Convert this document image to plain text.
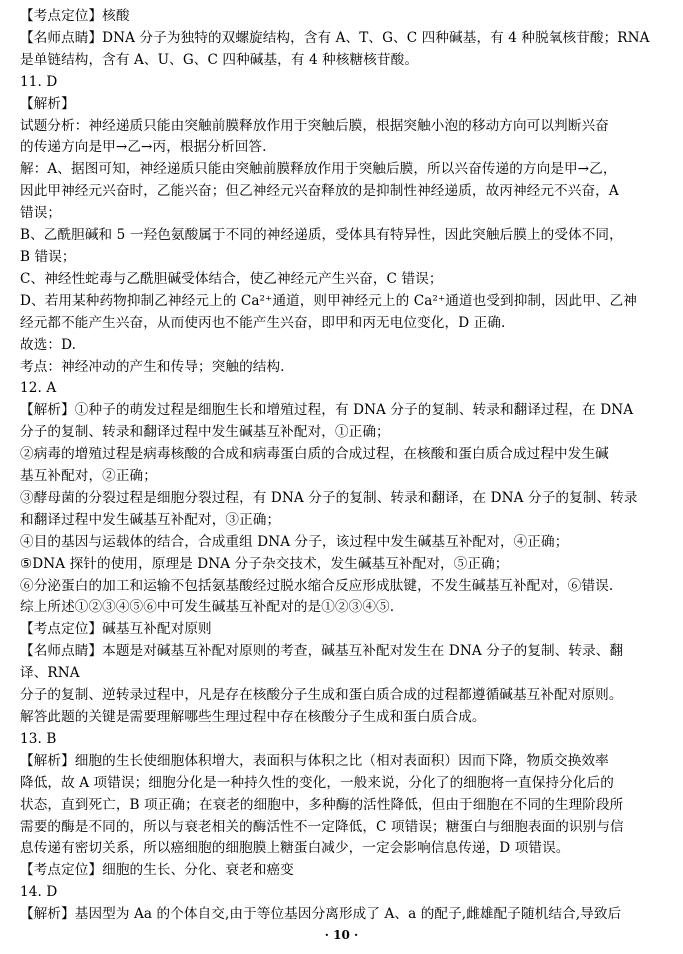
【考点定位】核酸
【名师点睛】DNA 分子为独特的双螺旋结构，含有 A、T、G、C 四种碱基，有 4 种脱氧核苷酸；RNA
是单链结构，含有 A、U、G、C 四种碱基，有 4 种核糖核苷酸。
11. D
【解析】
试题分析：神经递质只能由突触前膜释放作用于突触后膜，根据突触小泡的移动方向可以判断兴奋
的传递方向是甲→乙→丙，根据分析回答.
解：A、据图可知，神经递质只能由突触前膜释放作用于突触后膜，所以兴奋传递的方向是甲→乙，
因此甲神经元兴奋时，乙能兴奋；但乙神经元兴奋释放的是抑制性神经递质，故丙神经元不兴奋，A
错误；
B、乙酰胆碱和 5 一羟色氨酸属于不同的神经递质，受体具有特异性，因此突触后膜上的受体不同，
B 错误；
C、神经性蛇毒与乙酰胆碱受体结合，使乙神经元产生兴奋，C 错误；
D、若用某种药物抑制乙神经元上的 Ca²⁺通道，则甲神经元上的 Ca²⁺通道也受到抑制，因此甲、乙神
经元都不能产生兴奋，从而使丙也不能产生兴奋，即甲和丙无电位变化，D 正确.
故选：D.
考点：神经冲动的产生和传导；突触的结构.
12. A
【解析】①种子的萌发过程是细胞生长和增殖过程，有 DNA 分子的复制、转录和翻译过程，在 DNA
分子的复制、转录和翻译过程中发生碱基互补配对，①正确；
②病毒的增殖过程是病毒核酸的合成和病毒蛋白质的合成过程，在核酸和蛋白质合成过程中发生碱
基互补配对，②正确；
③酵母菌的分裂过程是细胞分裂过程，有 DNA 分子的复制、转录和翻译，在 DNA 分子的复制、转录
和翻译过程中发生碱基互补配对，③正确；
④目的基因与运载体的结合，合成重组 DNA 分子，该过程中发生碱基互补配对，④正确；
⑤DNA 探针的使用，原理是 DNA 分子杂交技术，发生碱基互补配对，⑤正确；
⑥分泌蛋白的加工和运输不包括氨基酸经过脱水缩合反应形成肽键，不发生碱基互补配对，⑥错误.
综上所述①②③④⑤⑥中可发生碱基互补配对的是①②③④⑤.
【考点定位】碱基互补配对原则
【名师点睛】本题是对碱基互补配对原则的考查，碱基互补配对发生在 DNA 分子的复制、转录、翻
译、RNA
分子的复制、逆转录过程中，凡是存在核酸分子生成和蛋白质合成的过程都遵循碱基互补配对原则。
解答此题的关键是需要理解哪些生理过程中存在核酸分子生成和蛋白质合成。
13. B
【解析】细胞的生长使细胞体积增大，表面积与体积之比（相对表面积）因而下降，物质交换效率
降低，故 A 项错误；细胞分化是一种持久性的变化，一般来说，分化了的细胞将一直保持分化后的
状态，直到死亡，B 项正确；在衰老的细胞中，多种酶的活性降低，但由于细胞在不同的生理阶段所
需要的酶是不同的，所以与衰老相关的酶活性不一定降低，C 项错误；糖蛋白与细胞表面的识别与信
息传递有密切关系，所以癌细胞的细胞膜上糖蛋白减少，一定会影响信息传递，D 项错误。
【考点定位】细胞的生长、分化、衰老和癌变
14. D
【解析】基因型为 Aa 的个体自交,由于等位基因分离形成了 A、a 的配子,雌雄配子随机结合,导致后
· 10 ·
